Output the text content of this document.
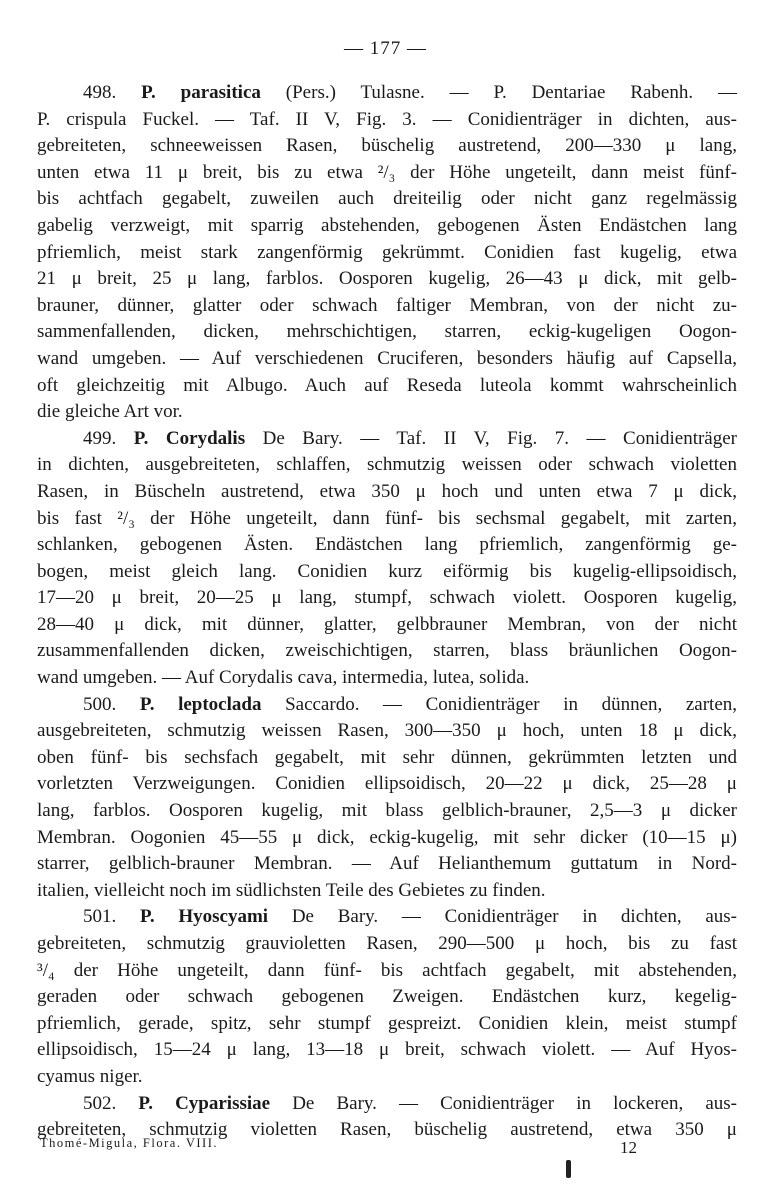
— 177 —
498. P. parasitica (Pers.) Tulasne. — P. Dentariae Rabenh. —
P. crispula Fuckel. — Taf. II V, Fig. 3. — Conidienträger in dichten, aus-
gebreiteten, schneeweissen Rasen, büschelig austretend, 200—330 μ lang,
unten etwa 11 μ breit, bis zu etwa ²/₃ der Höhe ungeteilt, dann meist fünf-
bis achtfach gegabelt, zuweilen auch dreiteilig oder nicht ganz regelmässig
gabelig verzweigt, mit sparrig abstehenden, gebogenen Ästen Endästchen lang
pfriemlich, meist stark zangenförmig gekrümmt. Conidien fast kugelig, etwa
21 μ breit, 25 μ lang, farblos. Oosporen kugelig, 26—43 μ dick, mit gelb-
brauner, dünner, glatter oder schwach faltiger Membran, von der nicht zu-
sammenfallenden, dicken, mehrschichtigen, starren, eckig-kugeligen Oogon-
wand umgeben. — Auf verschiedenen Cruciferen, besonders häufig auf Capsella,
oft gleichzeitig mit Albugo. Auch auf Reseda luteola kommt wahrscheinlich
die gleiche Art vor.
499. P. Corydalis De Bary. — Taf. II V, Fig. 7. — Conidienträger
in dichten, ausgebreiteten, schlaffen, schmutzig weissen oder schwach violetten
Rasen, in Büscheln austretend, etwa 350 μ hoch und unten etwa 7 μ dick,
bis fast ²/₃ der Höhe ungeteilt, dann fünf- bis sechsmal gegabelt, mit zarten,
schlanken, gebogenen Ästen. Endästchen lang pfriemlich, zangenförmig ge-
bogen, meist gleich lang. Conidien kurz eiförmig bis kugelig-ellipsoidisch,
17—20 μ breit, 20—25 μ lang, stumpf, schwach violett. Oosporen kugelig,
28—40 μ dick, mit dünner, glatter, gelbbrauner Membran, von der nicht
zusammenfallenden dicken, zweischichtigen, starren, blass bräunlichen Oogon-
wand umgeben. — Auf Corydalis cava, intermedia, lutea, solida.
500. P. leptoclada Saccardo. — Conidienträger in dünnen, zarten,
ausgebreiteten, schmutzig weissen Rasen, 300—350 μ hoch, unten 18 μ dick,
oben fünf- bis sechsfach gegabelt, mit sehr dünnen, gekrümmten letzten und
vorletzten Verzweigungen. Conidien ellipsoidisch, 20—22 μ dick, 25—28 μ
lang, farblos. Oosporen kugelig, mit blass gelblich-brauner, 2,5—3 μ dicker
Membran. Oogonien 45—55 μ dick, eckig-kugelig, mit sehr dicker (10—15 μ)
starrer, gelblich-brauner Membran. — Auf Helianthemum guttatum in Nord-
italien, vielleicht noch im südlichsten Teile des Gebietes zu finden.
501. P. Hyoscyami De Bary. — Conidienträger in dichten, aus-
gebreiteten, schmutzig grauvioletten Rasen, 290—500 μ hoch, bis zu fast
³/₄ der Höhe ungeteilt, dann fünf- bis achtfach gegabelt, mit abstehenden,
geraden oder schwach gebogenen Zweigen. Endästchen kurz, kegelig-
pfriemlich, gerade, spitz, sehr stumpf gespreizt. Conidien klein, meist stumpf
ellipsoidisch, 15—24 μ lang, 13—18 μ breit, schwach violett. — Auf Hyos-
cyamus niger.
502. P. Cyparissiae De Bary. — Conidienträger in lockeren, aus-
gebreiteten, schmutzig violetten Rasen, büschelig austretend, etwa 350 μ
Thomé-Migula, Flora. VIII.	12
